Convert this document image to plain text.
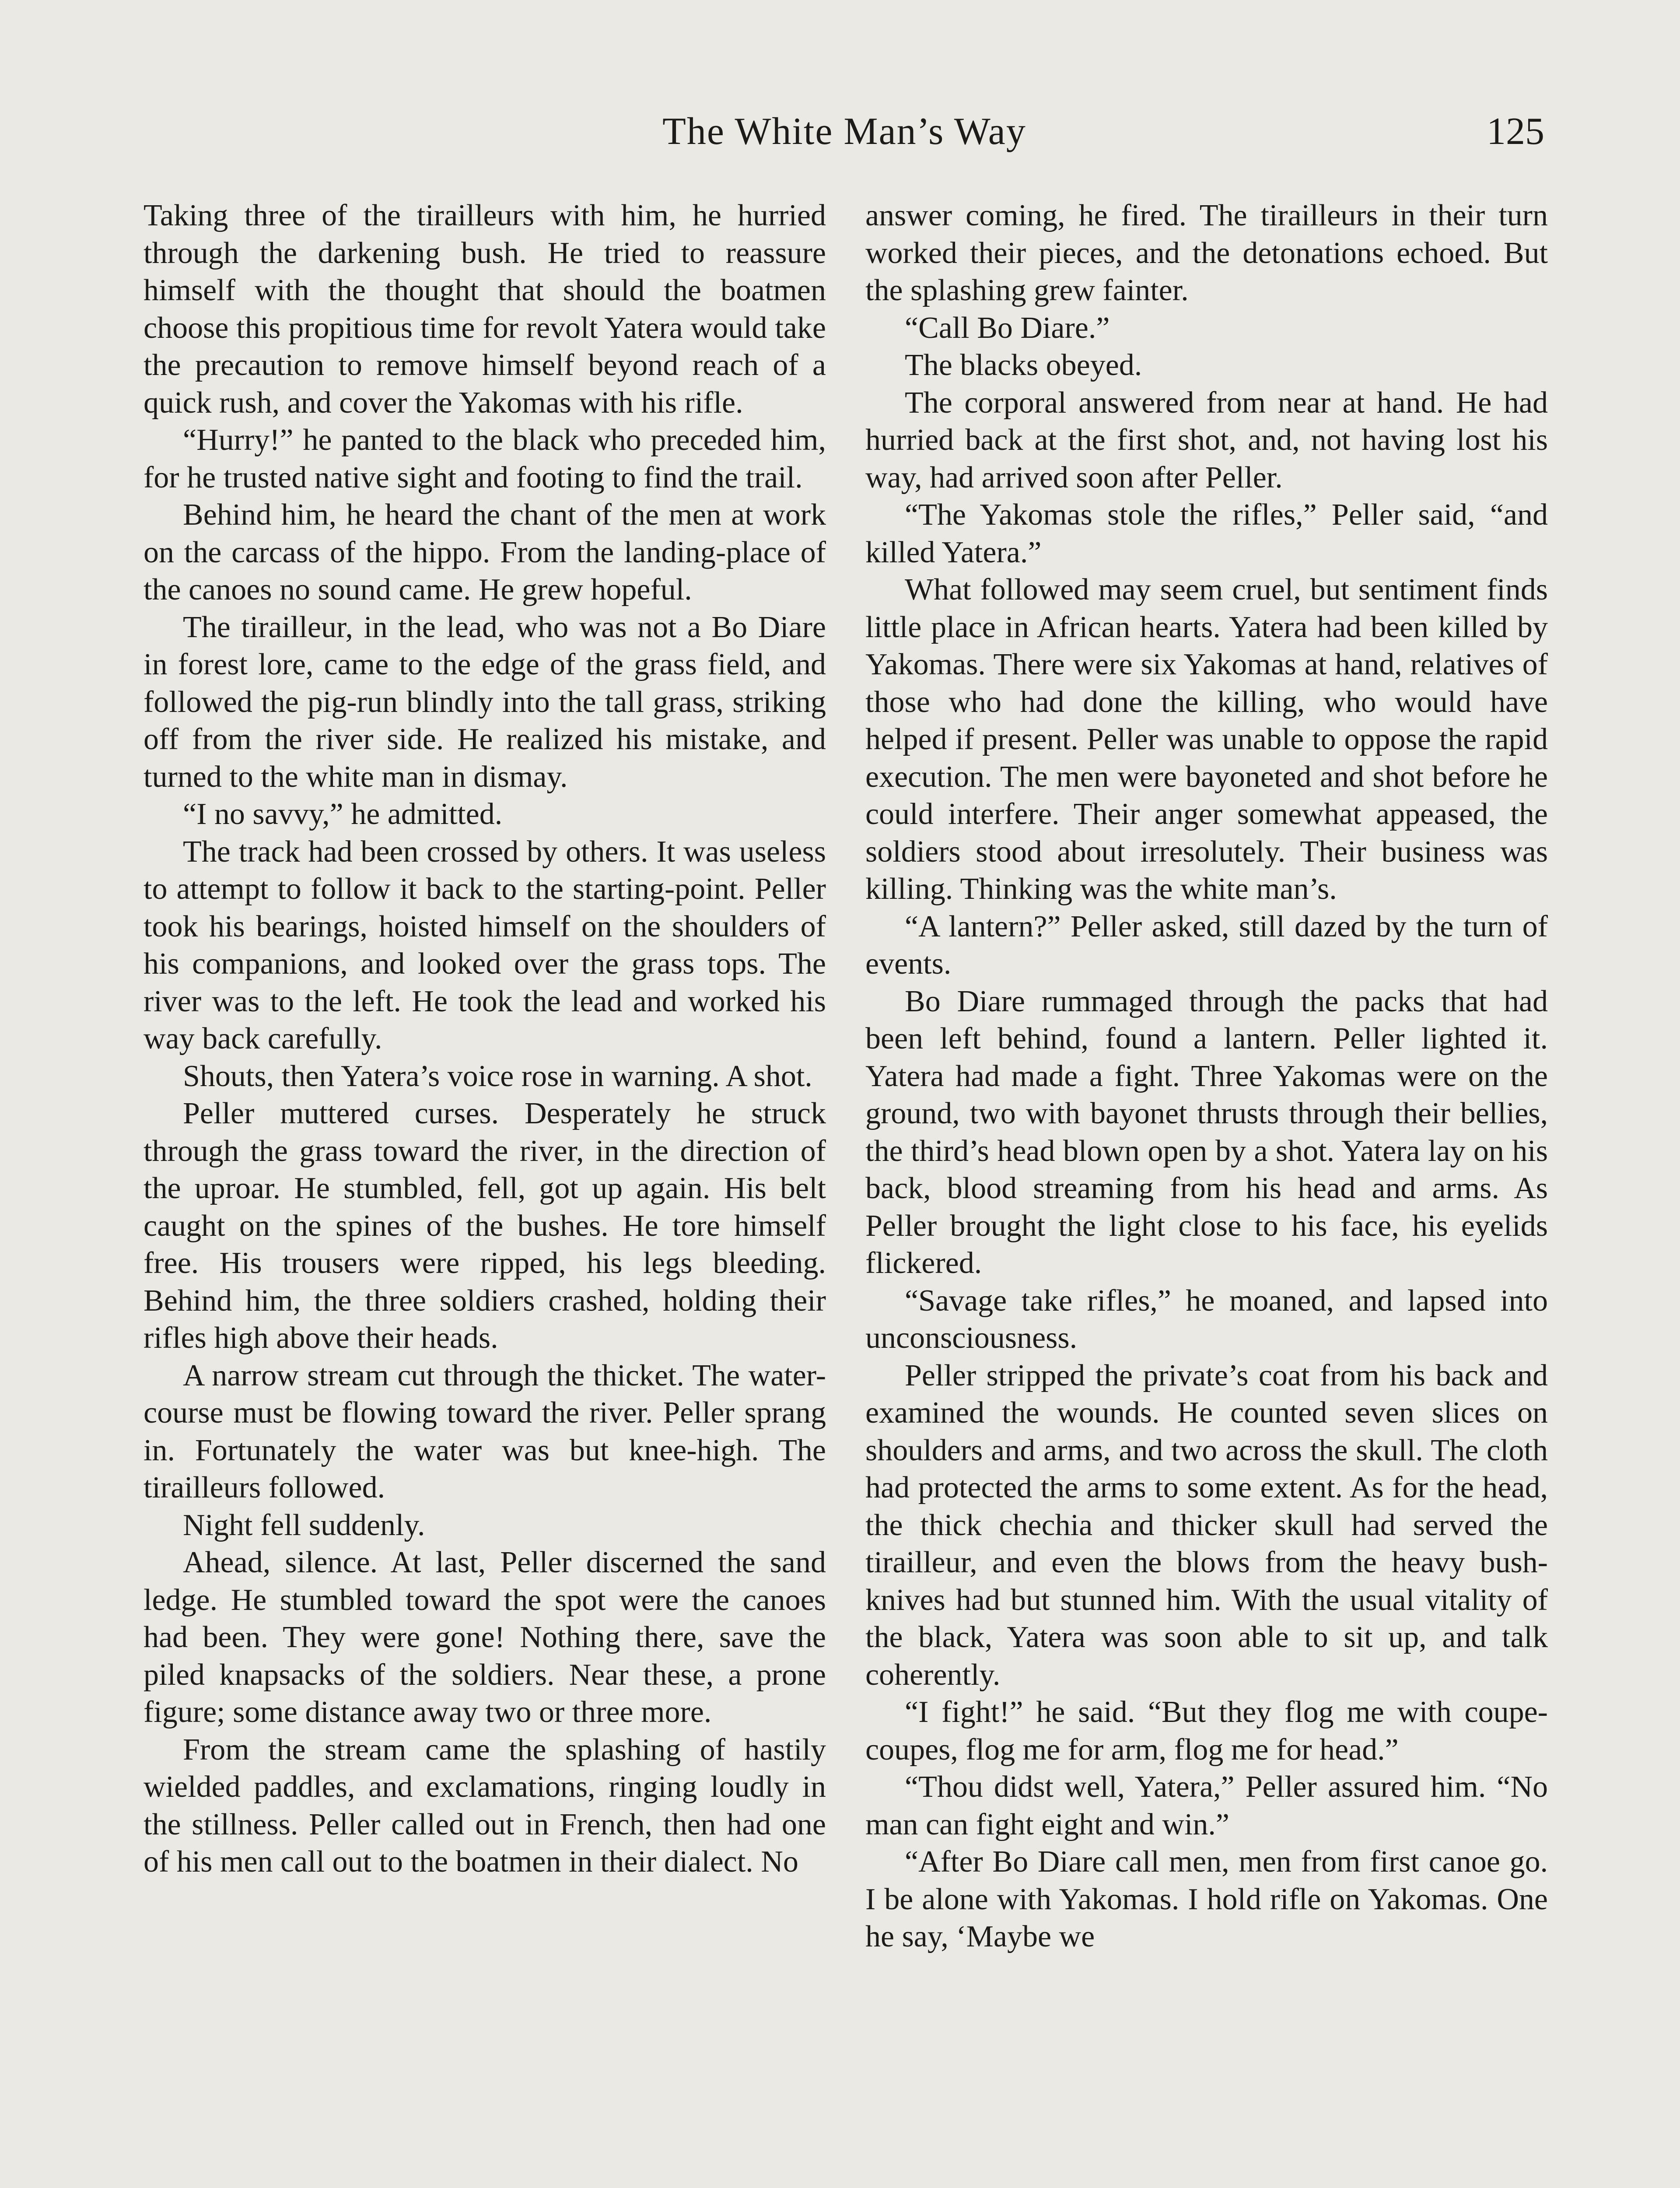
The White Man’s Way	125

Taking three of the tirailleurs with him, he hurried through the darkening bush. He tried to reassure himself with the thought that should the boatmen choose this propitious time for revolt Yatera would take the precaution to remove himself beyond reach of a quick rush, and cover the Yakomas with his rifle.

“Hurry!” he panted to the black who preceded him, for he trusted native sight and footing to find the trail.

Behind him, he heard the chant of the men at work on the carcass of the hippo. From the landing-place of the canoes no sound came. He grew hopeful.

The tirailleur, in the lead, who was not a Bo Diare in forest lore, came to the edge of the grass field, and followed the pig-run blindly into the tall grass, striking off from the river side. He realized his mistake, and turned to the white man in dismay.

“I no savvy,” he admitted.

The track had been crossed by others. It was useless to attempt to follow it back to the starting-point. Peller took his bearings, hoisted himself on the shoulders of his companions, and looked over the grass tops. The river was to the left. He took the lead and worked his way back carefully.

Shouts, then Yatera’s voice rose in warning. A shot.

Peller muttered curses. Desperately he struck through the grass toward the river, in the direction of the uproar. He stumbled, fell, got up again. His belt caught on the spines of the bushes. He tore himself free. His trousers were ripped, his legs bleeding. Behind him, the three soldiers crashed, holding their rifles high above their heads.

A narrow stream cut through the thicket. The water-course must be flowing toward the river. Peller sprang in. Fortunately the water was but knee-high. The tirailleurs followed.

Night fell suddenly.

Ahead, silence. At last, Peller discerned the sand ledge. He stumbled toward the spot were the canoes had been. They were gone! Nothing there, save the piled knapsacks of the soldiers. Near these, a prone figure; some distance away two or three more.

From the stream came the splashing of hastily wielded paddles, and exclamations, ringing loudly in the stillness. Peller called out in French, then had one of his men call out to the boatmen in their dialect. No

answer coming, he fired. The tirailleurs in their turn worked their pieces, and the detonations echoed. But the splashing grew fainter.

“Call Bo Diare.”

The blacks obeyed.

The corporal answered from near at hand. He had hurried back at the first shot, and, not having lost his way, had arrived soon after Peller.

“The Yakomas stole the rifles,” Peller said, “and killed Yatera.”

What followed may seem cruel, but sentiment finds little place in African hearts. Yatera had been killed by Yakomas. There were six Yakomas at hand, relatives of those who had done the killing, who would have helped if present. Peller was unable to oppose the rapid execution. The men were bayoneted and shot before he could interfere. Their anger somewhat appeased, the soldiers stood about irresolutely. Their business was killing. Thinking was the white man’s.

“A lantern?” Peller asked, still dazed by the turn of events.

Bo Diare rummaged through the packs that had been left behind, found a lantern. Peller lighted it. Yatera had made a fight. Three Yakomas were on the ground, two with bayonet thrusts through their bellies, the third’s head blown open by a shot. Yatera lay on his back, blood streaming from his head and arms. As Peller brought the light close to his face, his eyelids flickered.

“Savage take rifles,” he moaned, and lapsed into unconsciousness.

Peller stripped the private’s coat from his back and examined the wounds. He counted seven slices on shoulders and arms, and two across the skull. The cloth had protected the arms to some extent. As for the head, the thick chechia and thicker skull had served the tirailleur, and even the blows from the heavy bush-knives had but stunned him. With the usual vitality of the black, Yatera was soon able to sit up, and talk coherently.

“I fight!” he said. “But they flog me with coupe-coupes, flog me for arm, flog me for head.”

“Thou didst well, Yatera,” Peller assured him. “No man can fight eight and win.”

“After Bo Diare call men, men from first canoe go. I be alone with Yakomas. I hold rifle on Yakomas. One he say, ‘Maybe we
